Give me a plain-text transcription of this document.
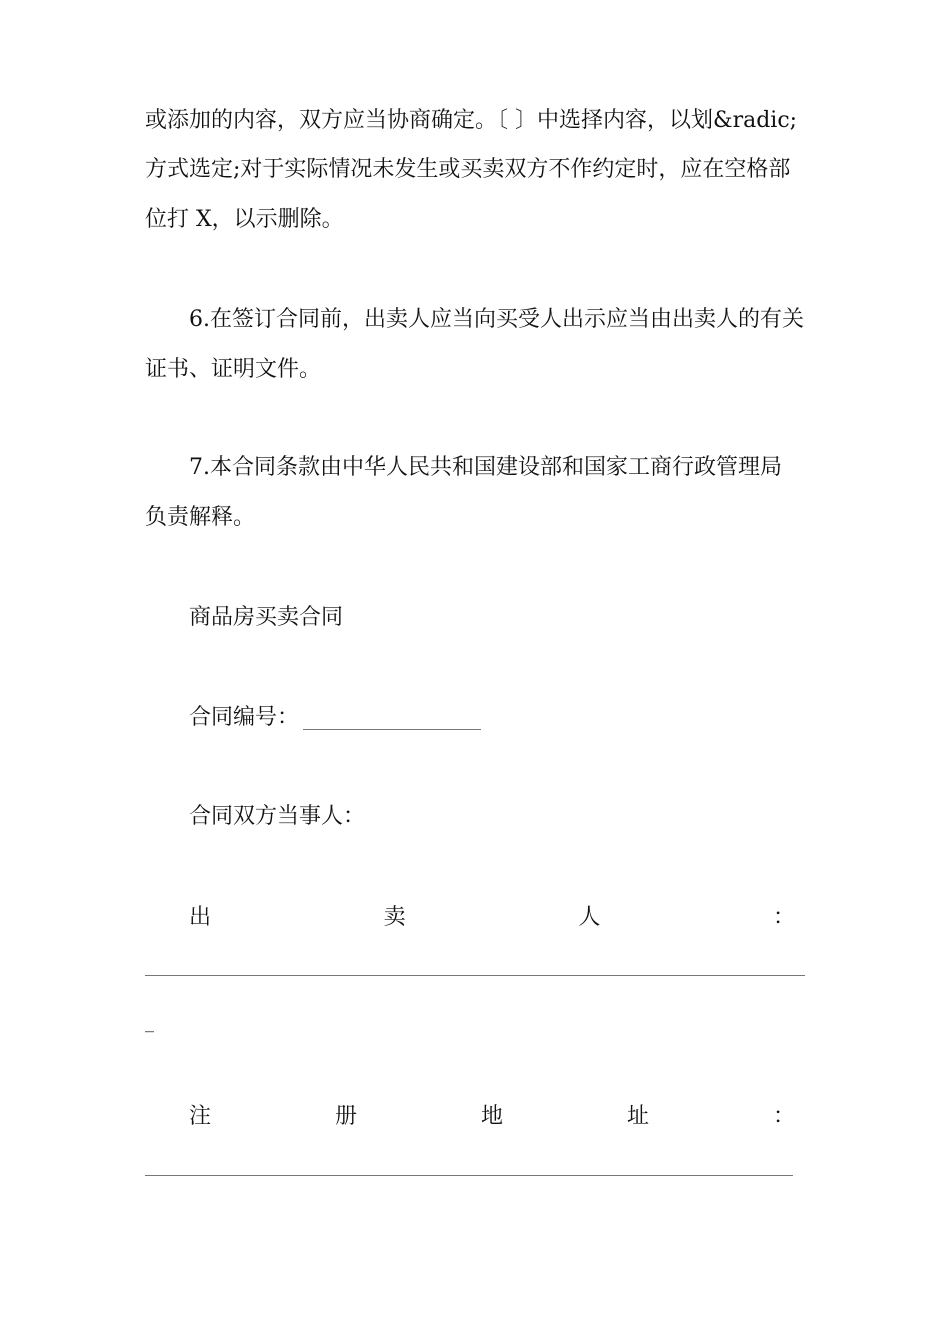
或添加的内容，双方应当协商确定。〔 〕中选择内容，以划&radic;
方式选定;对于实际情况未发生或买卖双方不作约定时，应在空格部
位打 X，以示删除。
6.在签订合同前，出卖人应当向买受人出示应当由出卖人的有关
证书、证明文件。
7.本合同条款由中华人民共和国建设部和国家工商行政管理局
负责解释。
商品房买卖合同
合同编号：
合同双方当事人：
出	卖	人	：
_
注	册	地	址	：
